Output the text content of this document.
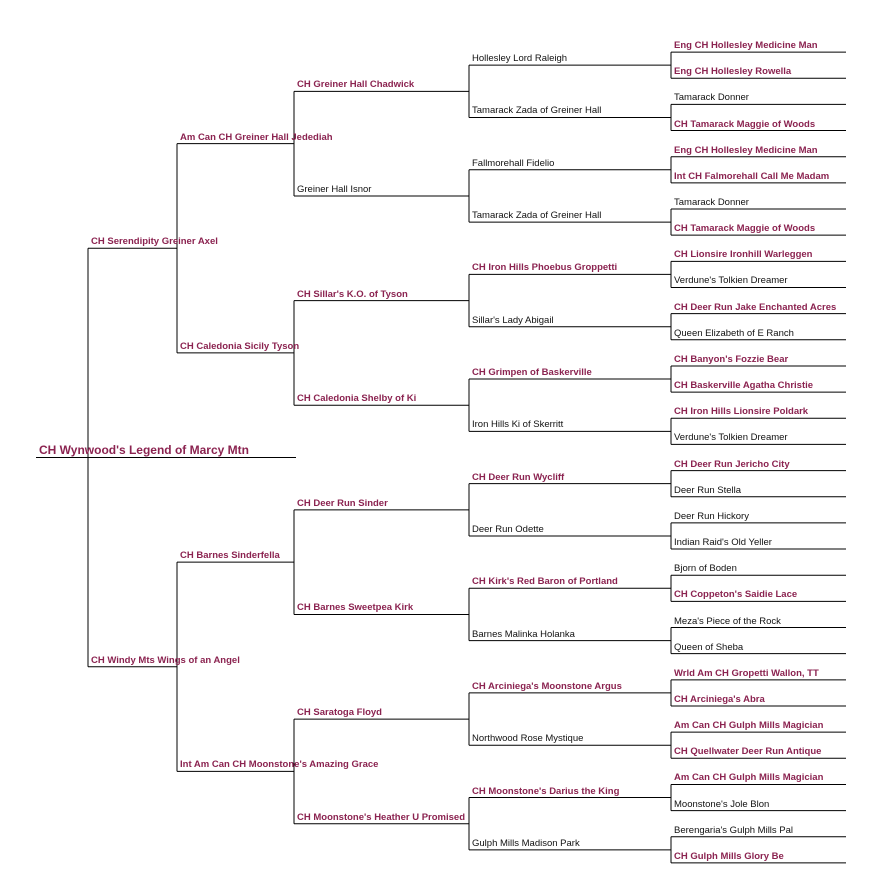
CH Wynwood's Legend of Marcy Mtn
CH Serendipity Greiner Axel
Am Can CH Greiner Hall Jedediah
CH Greiner Hall Chadwick
Hollesley Lord Raleigh
Eng CH Hollesley Medicine Man
Eng CH Hollesley Rowella
Tamarack Zada of Greiner Hall
Tamarack Donner
CH Tamarack Maggie of Woods
Greiner Hall Isnor
Fallmorehall Fidelio
Eng CH Hollesley Medicine Man
Int CH Falmorehall Call Me Madam
Tamarack Zada of Greiner Hall
Tamarack Donner
CH Tamarack Maggie of Woods
CH Caledonia Sicily Tyson
CH Sillar's K.O. of Tyson
CH Iron Hills Phoebus Groppetti
CH Lionsire Ironhill Warleggen
Verdune's Tolkien Dreamer
Sillar's Lady Abigail
CH Deer Run Jake Enchanted Acres
Queen Elizabeth of E Ranch
CH Caledonia Shelby of Ki
CH Grimpen of Baskerville
CH Banyon's Fozzie Bear
CH Baskerville Agatha Christie
Iron Hills Ki of Skerritt
CH Iron Hills Lionsire Poldark
Verdune's Tolkien Dreamer
CH Windy Mts Wings of an Angel
CH Barnes Sinderfella
CH Deer Run Sinder
CH Deer Run Wycliff
CH Deer Run Jericho City
Deer Run Stella
Deer Run Odette
Deer Run Hickory
Indian Raid's Old Yeller
CH Barnes Sweetpea Kirk
CH Kirk's Red Baron of Portland
Bjorn of Boden
CH Coppeton's Saidie Lace
Barnes Malinka Holanka
Meza's Piece of the Rock
Queen of Sheba
Int Am Can CH Moonstone's Amazing Grace
CH Saratoga Floyd
CH Arciniega's Moonstone Argus
Wrld Am CH Gropetti Wallon, TT
CH Arciniega's Abra
Northwood Rose Mystique
Am Can CH Gulph Mills Magician
CH Quellwater Deer Run Antique
CH Moonstone's Heather U Promised
CH Moonstone's Darius the King
Am Can CH Gulph Mills Magician
Moonstone's Jole Blon
Gulph Mills Madison Park
Berengaria's Gulph Mills Pal
CH Gulph Mills Glory Be
